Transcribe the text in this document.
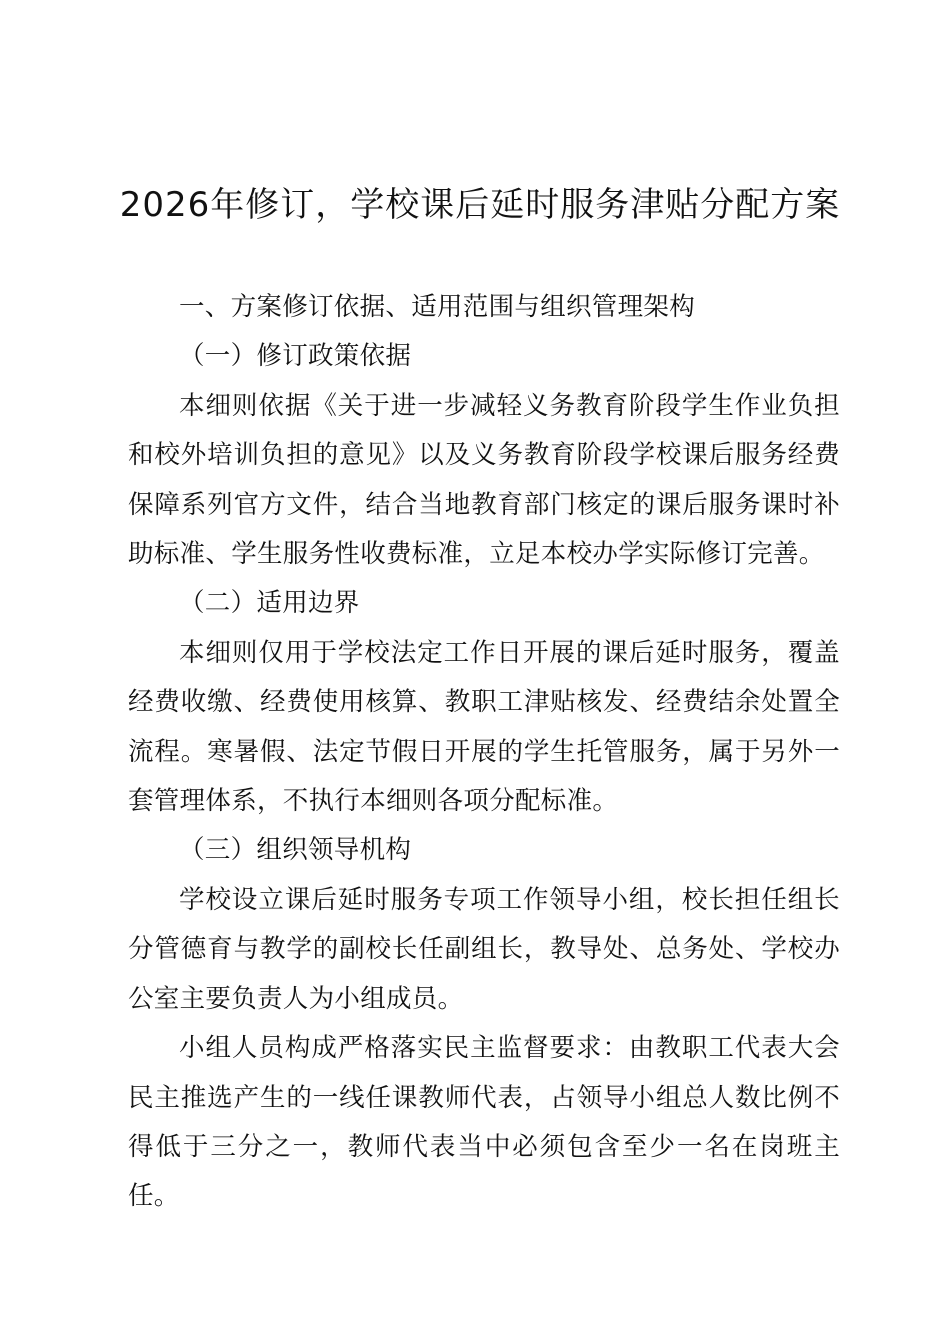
2026年修订，学校课后延时服务津贴分配方案

一、方案修订依据、适用范围与组织管理架构

（一）修订政策依据

本细则依据《关于进一步减轻义务教育阶段学生作业负担和校外培训负担的意见》以及义务教育阶段学校课后服务经费保障系列官方文件，结合当地教育部门核定的课后服务课时补助标准、学生服务性收费标准，立足本校办学实际修订完善。

（二）适用边界

本细则仅用于学校法定工作日开展的课后延时服务，覆盖经费收缴、经费使用核算、教职工津贴核发、经费结余处置全流程。寒暑假、法定节假日开展的学生托管服务，属于另外一套管理体系，不执行本细则各项分配标准。

（三）组织领导机构

学校设立课后延时服务专项工作领导小组，校长担任组长分管德育与教学的副校长任副组长，教导处、总务处、学校办公室主要负责人为小组成员。

小组人员构成严格落实民主监督要求：由教职工代表大会民主推选产生的一线任课教师代表，占领导小组总人数比例不得低于三分之一，教师代表当中必须包含至少一名在岗班主任。
